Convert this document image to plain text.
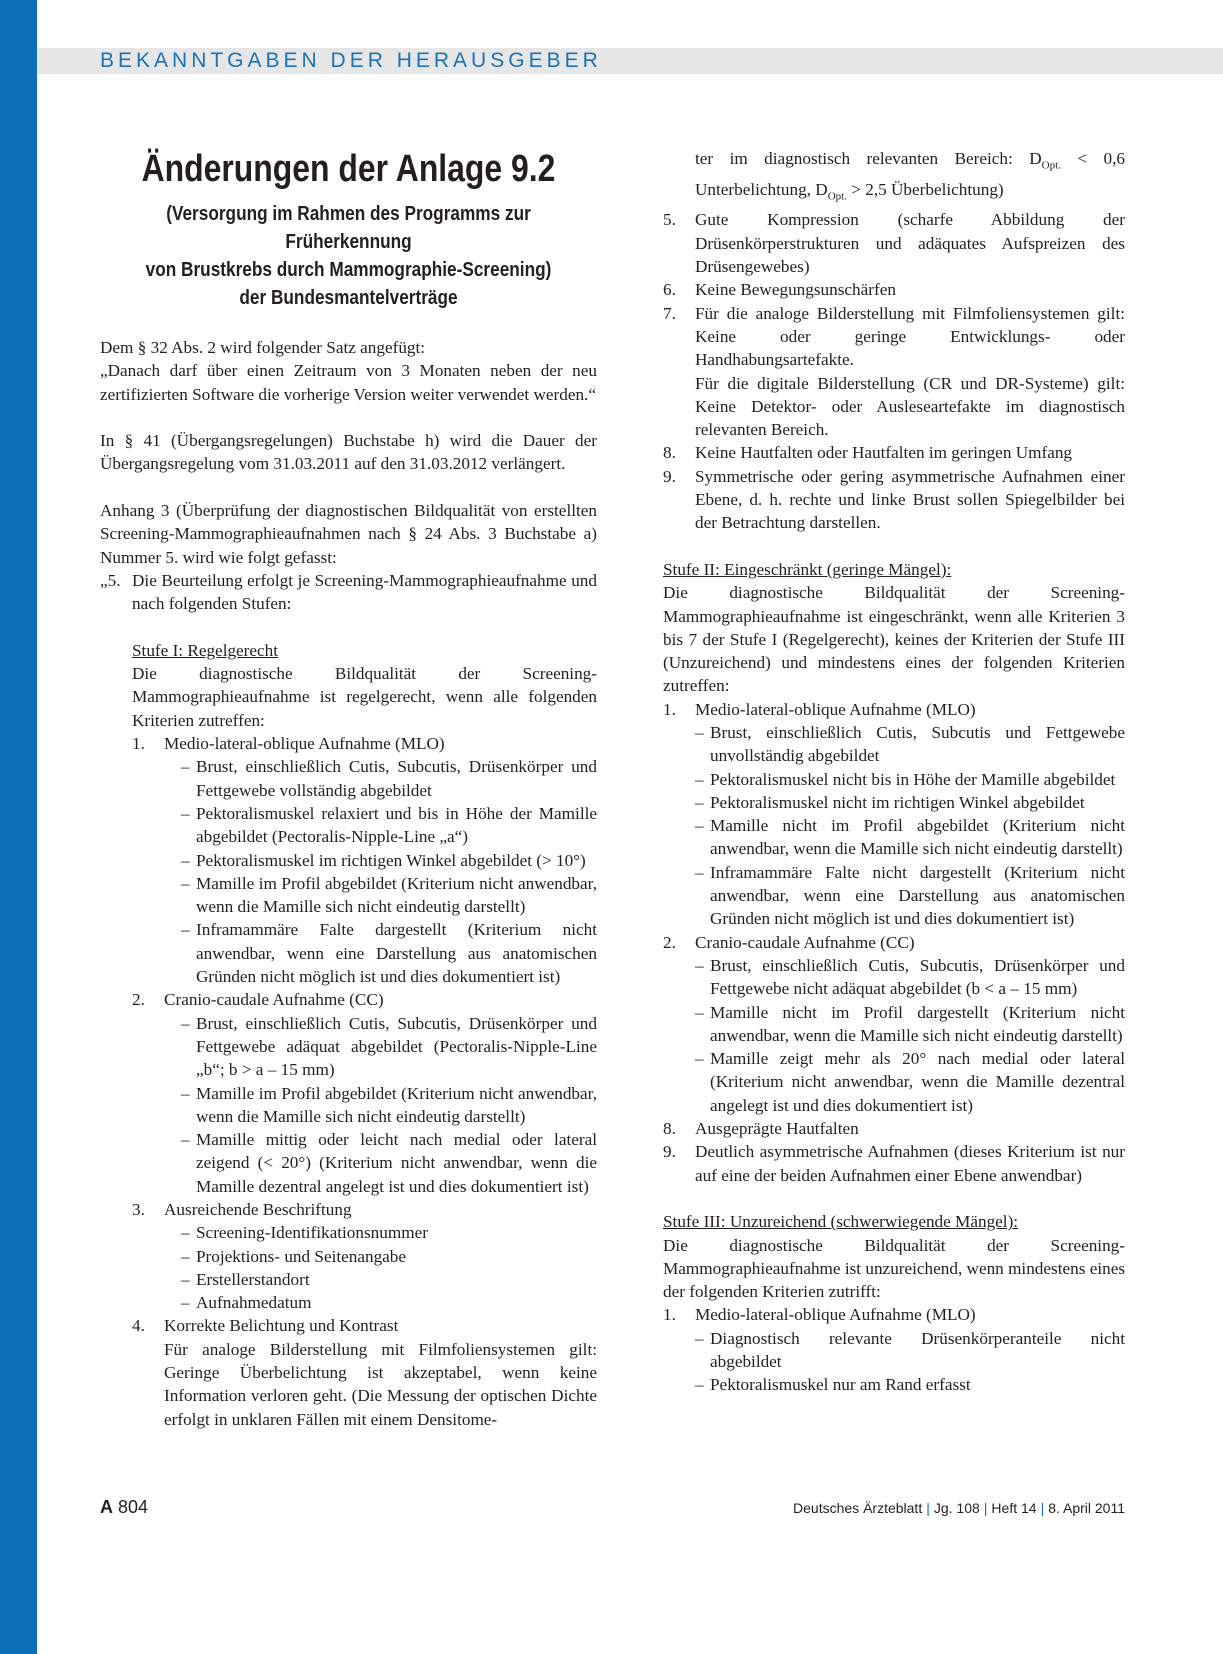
BEKANNTGABEN DER HERAUSGEBER
Änderungen der Anlage 9.2
(Versorgung im Rahmen des Programms zur Früherkennung
von Brustkrebs durch Mammographie-Screening)
der Bundesmantelverträge

Dem § 32 Abs. 2 wird folgender Satz angefügt:

„Danach darf über einen Zeitraum von 3 Monaten neben der neu zertifizierten Software die vorherige Version weiter verwendet werden.“

In § 41 (Übergangsregelungen) Buchstabe h) wird die Dauer der Übergangsregelung vom 31.03.2011 auf den 31.03.2012 verlängert.

Anhang 3 (Überprüfung der diagnostischen Bildqualität von erstellten Screening-Mammographieaufnahmen nach § 24 Abs. 3 Buchstabe a) Nummer 5. wird wie folgt gefasst:

„5. Die Beurteilung erfolgt je Screening-Mammographieaufnahme und nach folgenden Stufen:
Stufe I: Regelgerecht

Die diagnostische Bildqualität der Screening-Mammographieaufnahme ist regelgerecht, wenn alle folgenden Kriterien zutreffen:

1.	Medio-lateral-oblique Aufnahme (MLO)
– Brust, einschließlich Cutis, Subcutis, Drüsenkörper und Fettgewebe vollständig abgebildet
– Pektoralismuskel relaxiert und bis in Höhe der Mamille abgebildet (Pectoralis-Nipple-Line „a“)
– Pektoralismuskel im richtigen Winkel abgebildet (> 10°)
– Mamille im Profil abgebildet (Kriterium nicht anwendbar, wenn die Mamille sich nicht eindeutig darstellt)
– Inframammäre Falte dargestellt (Kriterium nicht anwendbar, wenn eine Darstellung aus anatomischen Gründen nicht möglich ist und dies dokumentiert ist)
2.	Cranio-caudale Aufnahme (CC)
– Brust, einschließlich Cutis, Subcutis, Drüsenkörper und Fettgewebe adäquat abgebildet (Pectoralis-Nipple-Line „b“; b > a – 15 mm)
– Mamille im Profil abgebildet (Kriterium nicht anwendbar, wenn die Mamille sich nicht eindeutig darstellt)
– Mamille mittig oder leicht nach medial oder lateral zeigend (< 20°) (Kriterium nicht anwendbar, wenn die Mamille dezentral angelegt ist und dies dokumentiert ist)
3.	Ausreichende Beschriftung
– Screening-Identifikationsnummer
– Projektions- und Seitenangabe
– Erstellerstandort
– Aufnahmedatum
4.	Korrekte Belichtung und Kontrast

Für analoge Bilderstellung mit Filmfoliensystemen gilt: Geringe Überbelichtung ist akzeptabel, wenn keine Information verloren geht. (Die Messung der optischen Dichte erfolgt in unklaren Fällen mit einem Densitome-

ter im diagnostisch relevanten Bereich: $D_{Opt.} < 0,6$ Unterbelichtung, $D_{Opt.} > 2,5$ Überbelichtung)

5.	Gute Kompression (scharfe Abbildung der Drüsenkörperstrukturen und adäquates Aufspreizen des Drüsengewebes)
6.	Keine Bewegungsunschärfen
7.	Für die analoge Bilderstellung mit Filmfoliensystemen gilt: Keine oder geringe Entwicklungs- oder Handhabungsartefakte.

Für die digitale Bilderstellung (CR und DR-Systeme) gilt: Keine Detektor- oder Ausleseartefakte im diagnostisch relevanten Bereich.

8.	Keine Hautfalten oder Hautfalten im geringen Umfang
9.	Symmetrische oder gering asymmetrische Aufnahmen einer Ebene, d. h. rechte und linke Brust sollen Spiegelbilder bei der Betrachtung darstellen.
Stufe II: Eingeschränkt (geringe Mängel):

Die diagnostische Bildqualität der Screening-Mammographieaufnahme ist eingeschränkt, wenn alle Kriterien 3 bis 7 der Stufe I (Regelgerecht), keines der Kriterien der Stufe III (Unzureichend) und mindestens eines der folgenden Kriterien zutreffen:

1.	Medio-lateral-oblique Aufnahme (MLO)
– Brust, einschließlich Cutis, Subcutis und Fettgewebe unvollständig abgebildet
– Pektoralismuskel nicht bis in Höhe der Mamille abgebildet
– Pektoralismuskel nicht im richtigen Winkel abgebildet
– Mamille nicht im Profil abgebildet (Kriterium nicht anwendbar, wenn die Mamille sich nicht eindeutig darstellt)
– Inframammäre Falte nicht dargestellt (Kriterium nicht anwendbar, wenn eine Darstellung aus anatomischen Gründen nicht möglich ist und dies dokumentiert ist)
2.	Cranio-caudale Aufnahme (CC)
– Brust, einschließlich Cutis, Subcutis, Drüsenkörper und Fettgewebe nicht adäquat abgebildet (b < a – 15 mm)
– Mamille nicht im Profil dargestellt (Kriterium nicht anwendbar, wenn die Mamille sich nicht eindeutig darstellt)
– Mamille zeigt mehr als 20° nach medial oder lateral (Kriterium nicht anwendbar, wenn die Mamille dezentral angelegt ist und dies dokumentiert ist)
8.	Ausgeprägte Hautfalten
9.	Deutlich asymmetrische Aufnahmen (dieses Kriterium ist nur auf eine der beiden Aufnahmen einer Ebene anwendbar)
Stufe III: Unzureichend (schwerwiegende Mängel):

Die diagnostische Bildqualität der Screening-Mammographieaufnahme ist unzureichend, wenn mindestens eines der folgenden Kriterien zutrifft:

1.	Medio-lateral-oblique Aufnahme (MLO)
– Diagnostisch relevante Drüsenkörperanteile nicht abgebildet
– Pektoralismuskel nur am Rand erfasst
A 804	Deutsches Ärzteblatt | Jg. 108 | Heft 14 | 8. April 2011
